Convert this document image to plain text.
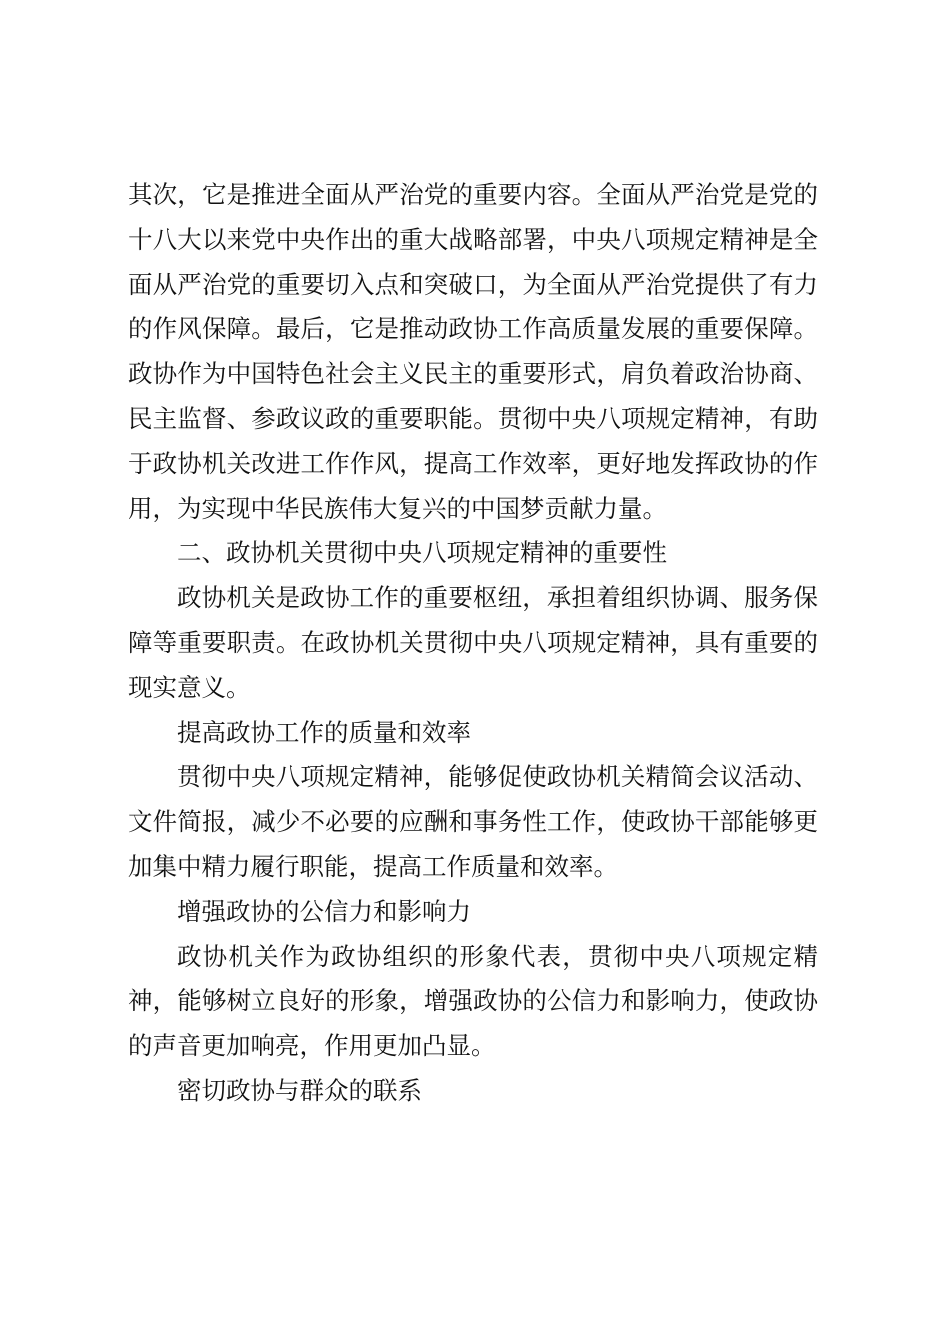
其次，它是推进全面从严治党的重要内容。全面从严治党是党的十八大以来党中央作出的重大战略部署，中央八项规定精神是全面从严治党的重要切入点和突破口，为全面从严治党提供了有力的作风保障。最后，它是推动政协工作高质量发展的重要保障。政协作为中国特色社会主义民主的重要形式，肩负着政治协商、民主监督、参政议政的重要职能。贯彻中央八项规定精神，有助于政协机关改进工作作风，提高工作效率，更好地发挥政协的作用，为实现中华民族伟大复兴的中国梦贡献力量。

二、政协机关贯彻中央八项规定精神的重要性

政协机关是政协工作的重要枢纽，承担着组织协调、服务保障等重要职责。在政协机关贯彻中央八项规定精神，具有重要的现实意义。

提高政协工作的质量和效率

贯彻中央八项规定精神，能够促使政协机关精简会议活动、文件简报，减少不必要的应酬和事务性工作，使政协干部能够更加集中精力履行职能，提高工作质量和效率。

增强政协的公信力和影响力

政协机关作为政协组织的形象代表，贯彻中央八项规定精神，能够树立良好的形象，增强政协的公信力和影响力，使政协的声音更加响亮，作用更加凸显。

密切政协与群众的联系
